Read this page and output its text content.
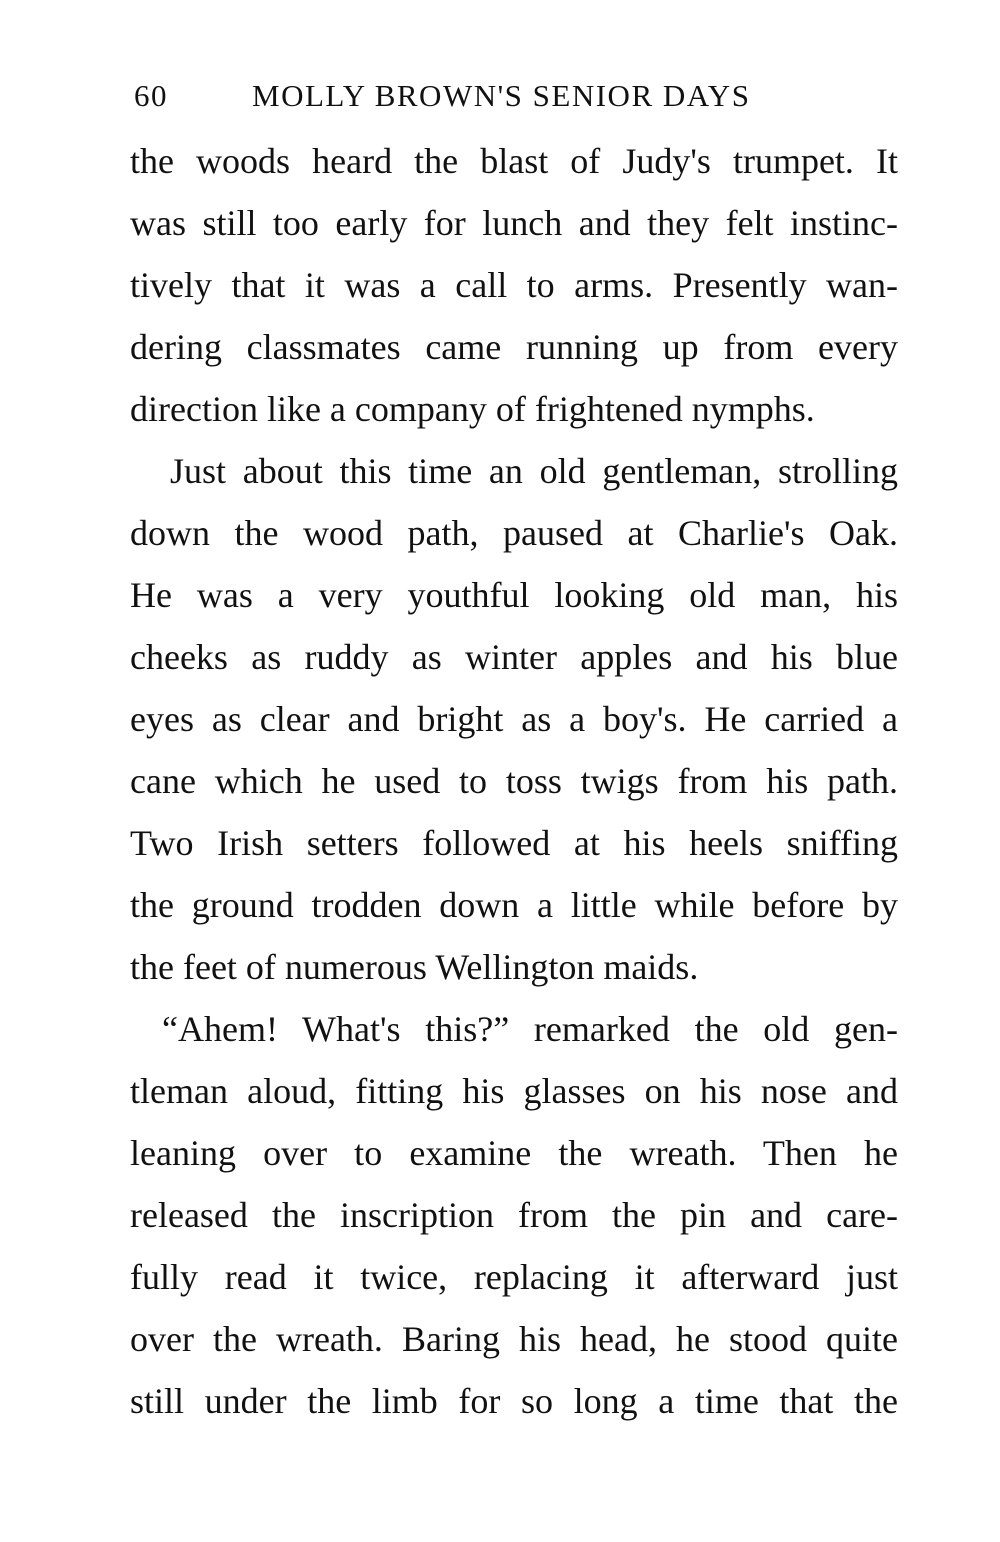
60	MOLLY BROWN'S SENIOR DAYS
the woods heard the blast of Judy's trumpet. It
was still too early for lunch and they felt instinc-
tively that it was a call to arms. Presently wan-
dering classmates came running up from every
direction like a company of frightened nymphs.
Just about this time an old gentleman, strolling
down the wood path, paused at Charlie's Oak.
He was a very youthful looking old man, his
cheeks as ruddy as winter apples and his blue
eyes as clear and bright as a boy's. He carried a
cane which he used to toss twigs from his path.
Two Irish setters followed at his heels sniffing
the ground trodden down a little while before by
the feet of numerous Wellington maids.
“Ahem! What's this?” remarked the old gen-
tleman aloud, fitting his glasses on his nose and
leaning over to examine the wreath. Then he
released the inscription from the pin and care-
fully read it twice, replacing it afterward just
over the wreath. Baring his head, he stood quite
still under the limb for so long a time that the
